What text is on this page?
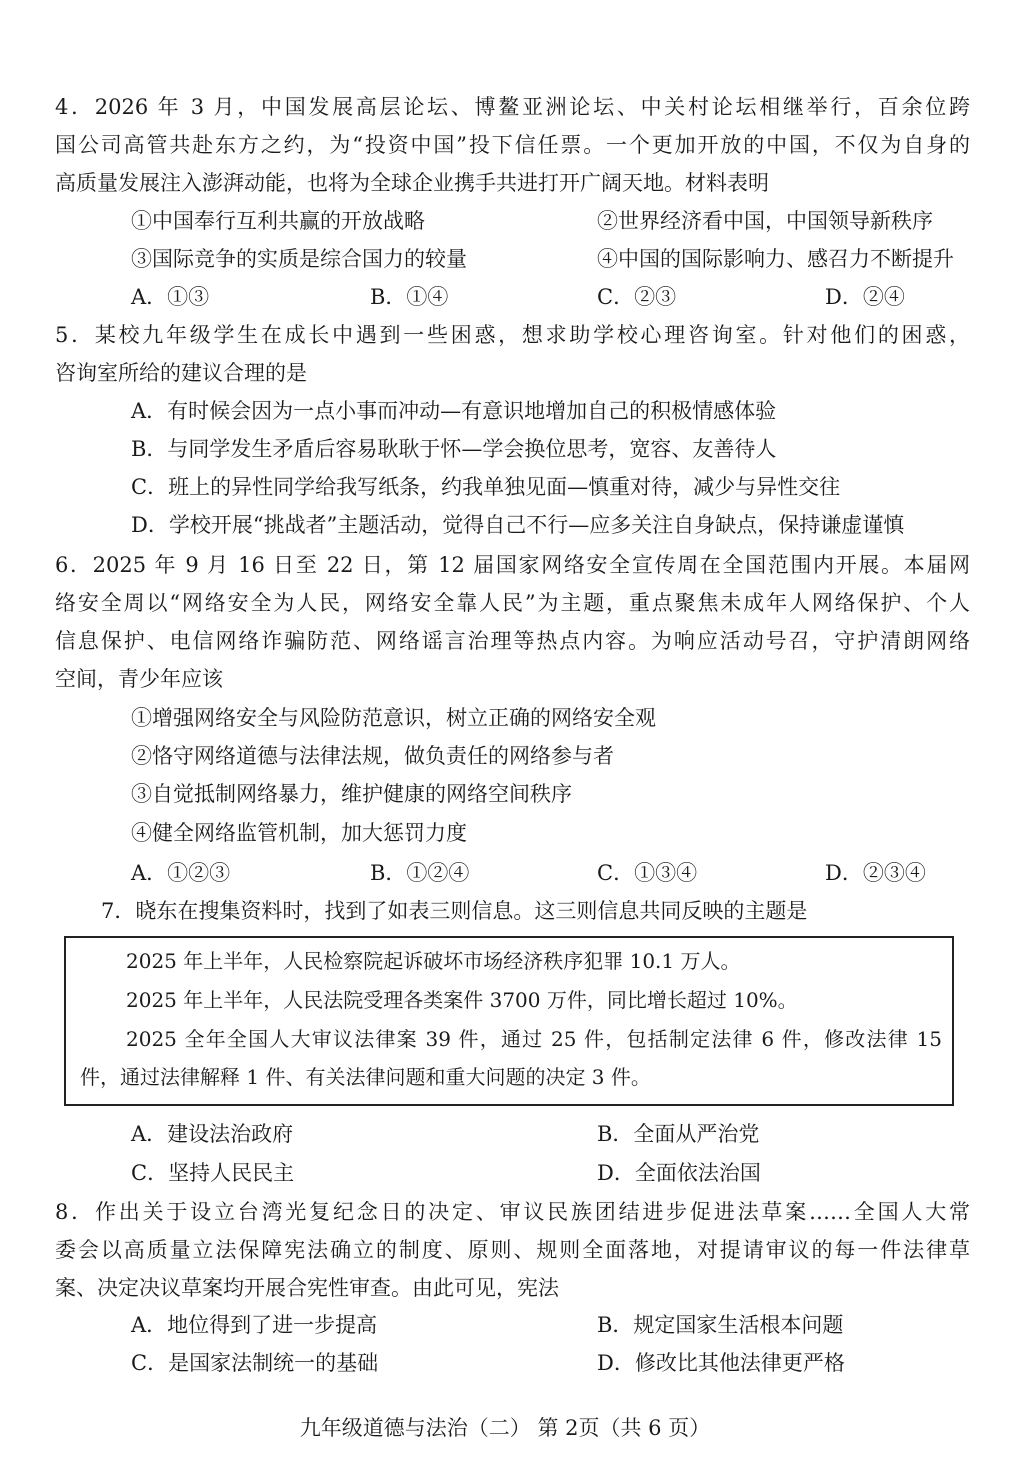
4．2026 年 3 月，中国发展高层论坛、博鳌亚洲论坛、中关村论坛相继举行，百余位跨
国公司高管共赴东方之约，为“投资中国”投下信任票。一个更加开放的中国，不仅为自身的
高质量发展注入澎湃动能，也将为全球企业携手共进打开广阔天地。材料表明
①中国奉行互利共赢的开放战略	②世界经济看中国，中国领导新秩序
③国际竞争的实质是综合国力的较量	④中国的国际影响力、感召力不断提升
A．①③	B．①④	C．②③	D．②④
5．某校九年级学生在成长中遇到一些困惑，想求助学校心理咨询室。针对他们的困惑，
咨询室所给的建议合理的是
A．有时候会因为一点小事而冲动—有意识地增加自己的积极情感体验
B．与同学发生矛盾后容易耿耿于怀—学会换位思考，宽容、友善待人
C．班上的异性同学给我写纸条，约我单独见面—慎重对待，减少与异性交往
D．学校开展“挑战者”主题活动，觉得自己不行—应多关注自身缺点，保持谦虚谨慎
6．2025 年 9 月 16 日至 22 日，第 12 届国家网络安全宣传周在全国范围内开展。本届网
络安全周以“网络安全为人民，网络安全靠人民”为主题，重点聚焦未成年人网络保护、个人
信息保护、电信网络诈骗防范、网络谣言治理等热点内容。为响应活动号召，守护清朗网络
空间，青少年应该
①增强网络安全与风险防范意识，树立正确的网络安全观
②恪守网络道德与法律法规，做负责任的网络参与者
③自觉抵制网络暴力，维护健康的网络空间秩序
④健全网络监管机制，加大惩罚力度
A．①②③	B．①②④	C．①③④	D．②③④
7．晓东在搜集资料时，找到了如表三则信息。这三则信息共同反映的主题是
2025 年上半年，人民检察院起诉破坏市场经济秩序犯罪 10.1 万人。
2025 年上半年，人民法院受理各类案件 3700 万件，同比增长超过 10%。
2025 全年全国人大审议法律案 39 件，通过 25 件，包括制定法律 6 件，修改法律 15
件，通过法律解释 1 件、有关法律问题和重大问题的决定 3 件。
A．建设法治政府	B．全面从严治党
C．坚持人民民主	D．全面依法治国
8．作出关于设立台湾光复纪念日的决定、审议民族团结进步促进法草案……全国人大常
委会以高质量立法保障宪法确立的制度、原则、规则全面落地，对提请审议的每一件法律草
案、决定决议草案均开展合宪性审查。由此可见，宪法
A．地位得到了进一步提高	B．规定国家生活根本问题
C．是国家法制统一的基础	D．修改比其他法律更严格
九年级道德与法治（二） 第 2页（共 6 页）
